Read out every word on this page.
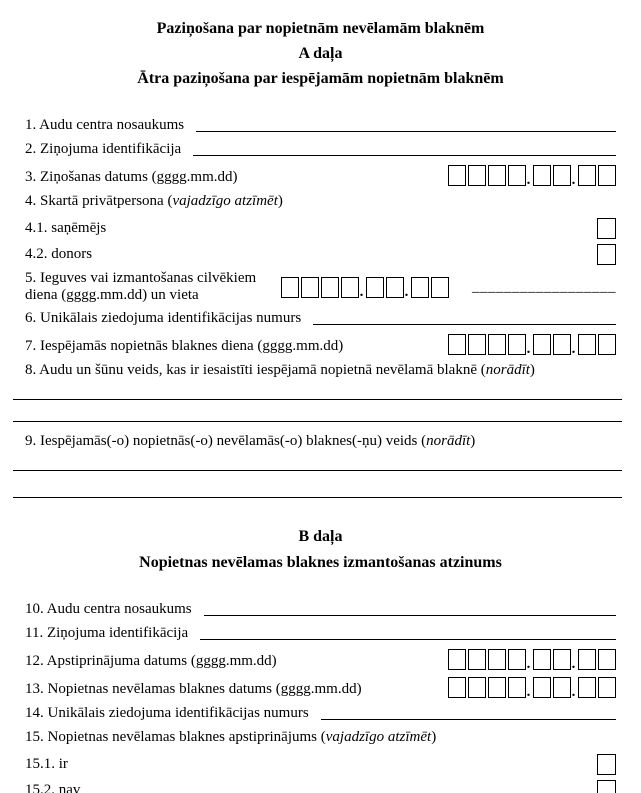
Paziņošana par nopietnām nevēlamām blaknēm
A daļa
Ātra paziņošana par iespējamām nopietnām blaknēm
1. Audu centra nosaukums
2. Ziņojuma identifikācija
3. Ziņošanas datums (gggg.mm.dd)
.
.
4. Skartā privātpersona (vajadzīgo atzīmēt)
4.1. saņēmējs
4.2. donors
5. Ieguves vai izmantošanas cilvēkiem diena (gggg.mm.dd) un vieta
.
.
__________________
6. Unikālais ziedojuma identifikācijas numurs
7. Iespējamās nopietnās blaknes diena (gggg.mm.dd)
.
.
8. Audu un šūnu veids, kas ir iesaistīti iespējamā nopietnā nevēlamā blaknē (norādīt)
9. Iespējamās(-o) nopietnās(-o) nevēlamās(-o) blaknes(-ņu) veids (norādīt)
B daļa
Nopietnas nevēlamas blaknes izmantošanas atzinums
10. Audu centra nosaukums
11. Ziņojuma identifikācija
12. Apstiprinājuma datums (gggg.mm.dd)
.
.
13. Nopietnas nevēlamas blaknes datums (gggg.mm.dd)
.
.
14. Unikālais ziedojuma identifikācijas numurs
15. Nopietnas nevēlamas blaknes apstiprinājums (vajadzīgo atzīmēt)
15.1. ir
15.2. nav
